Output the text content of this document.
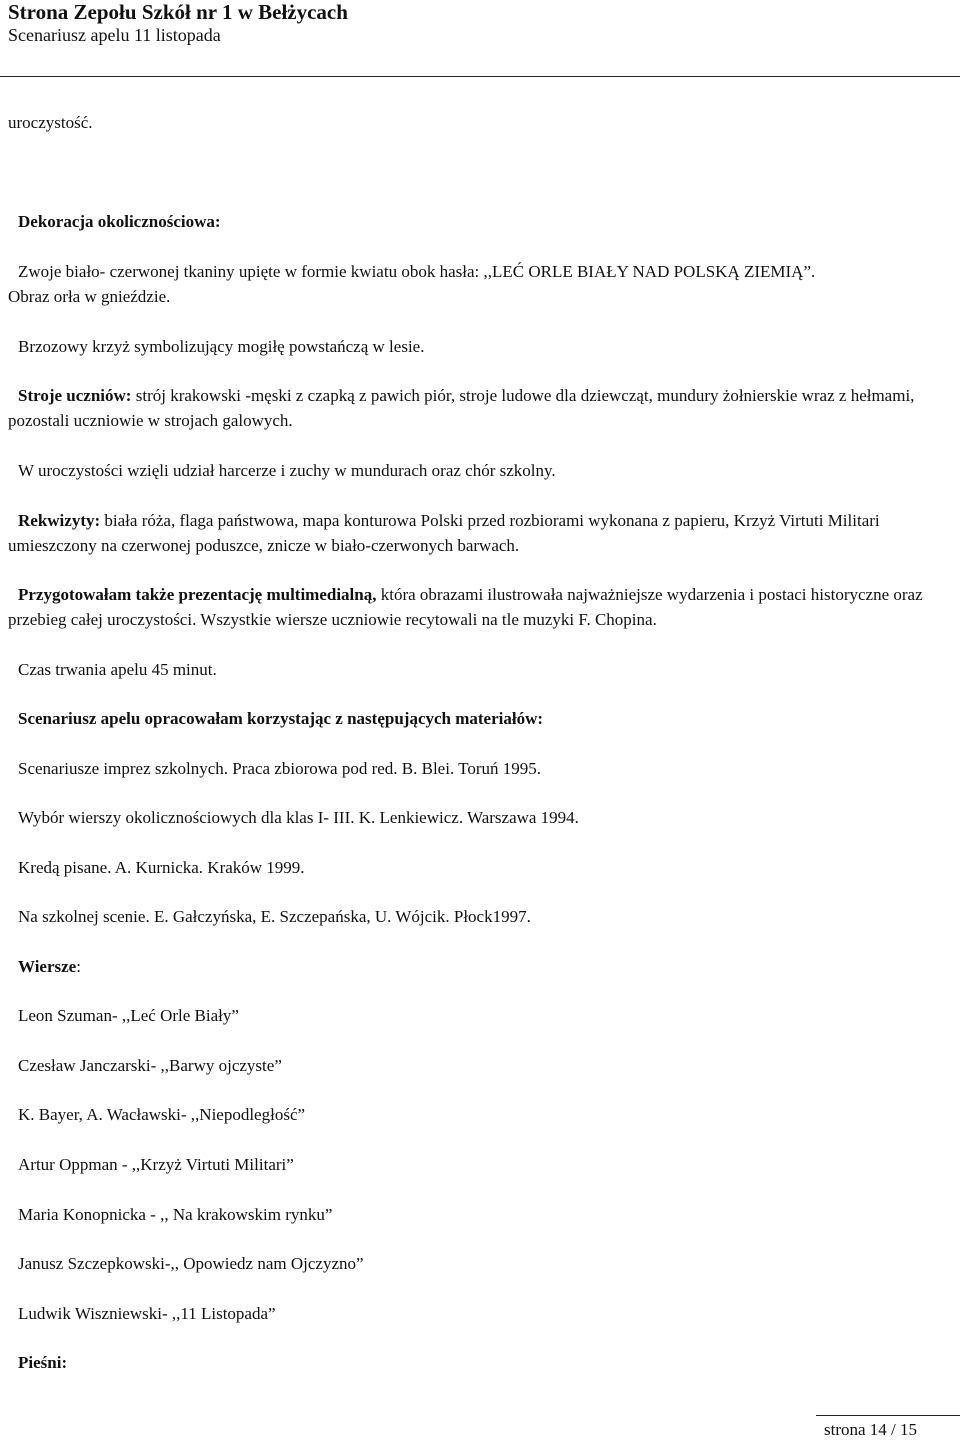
Strona Zepołu Szkół nr 1 w Bełżycach
Scenariusz apelu 11 listopada
uroczystość.
Dekoracja okolicznościowa:
Zwoje biało- czerwonej tkaniny upięte w formie kwiatu obok hasła: ,,LEĆ ORLE BIAŁY NAD POLSKĄ ZIEMIĄ”.
Obraz orła w gnieździe.
Brzozowy krzyż symbolizujący mogiłę powstańczą w lesie.
Stroje uczniów: strój krakowski -męski z czapką z pawich piór, stroje ludowe dla dziewcząt, mundury żołnierskie wraz z hełmami, pozostali uczniowie w strojach galowych.
W uroczystości wzięli udział harcerze i zuchy w mundurach oraz chór szkolny.
Rekwizyty: biała róża, flaga państwowa, mapa konturowa Polski przed rozbiorami wykonana z papieru, Krzyż Virtuti Militari umieszczony na czerwonej poduszce, znicze w biało-czerwonych barwach.
Przygotowałam także prezentację multimedialną, która obrazami ilustrowała najważniejsze wydarzenia i postaci historyczne oraz przebieg całej uroczystości. Wszystkie wiersze uczniowie recytowali na tle muzyki F. Chopina.
Czas trwania apelu 45 minut.
Scenariusz apelu opracowałam korzystając z następujących materiałów:
Scenariusze imprez szkolnych. Praca zbiorowa pod red. B. Blei. Toruń 1995.
Wybór wierszy okolicznościowych dla klas I- III. K. Lenkiewicz. Warszawa 1994.
Kredą pisane. A. Kurnicka. Kraków 1999.
Na szkolnej scenie. E. Gałczyńska, E. Szczepańska, U. Wójcik. Płock1997.
Wiersze:
Leon Szuman- ,,Leć Orle Biały”
Czesław Janczarski- ,,Barwy ojczyste”
K. Bayer, A. Wacławski- ,,Niepodległość”
Artur Oppman - ,,Krzyż Virtuti Militari”
Maria Konopnicka - ,, Na krakowskim rynku”
Janusz Szczepkowski-,, Opowiedz nam Ojczyzno”
Ludwik Wiszniewski- ,,11 Listopada”
Pieśni:
strona 14 / 15
